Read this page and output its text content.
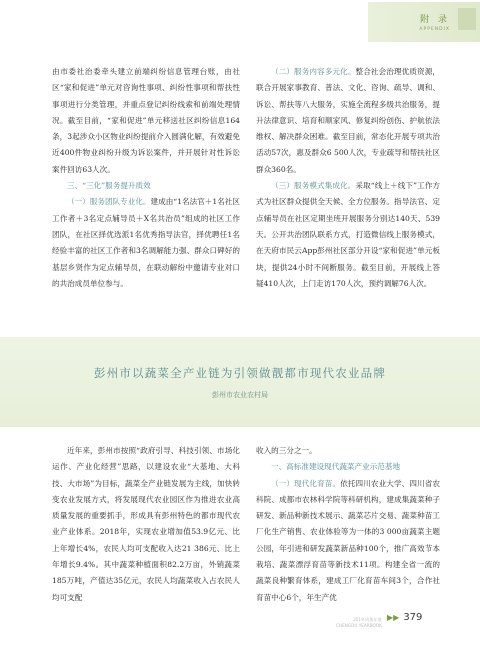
附 录
APPENDIX

由市委社治委牵头建立前端纠纷信息管理台账，由社区“家和促进”单元对咨询性事项、纠纷性事项和帮扶性事项进行分类管理，并重点登记纠纷线索和前端处理情况。截至目前，“家和促进”单元移送社区纠纷信息164条，3起涉众小区物业纠纷提前介入圆满化解，有效避免近400件物业纠纷升级为诉讼案件，并开展针对性诉讼案件回访63人次。

三、“三化”服务提升质效

（一）服务团队专业化。建成由“1名法官＋1名社区工作者＋3名定点辅导员＋X名共治员”组成的社区工作团队，在社区择优选派1名优秀指导法官，择优聘任1名经验丰富的社区工作者和3名调解能力强、群众口碑好的基层乡贤作为定点辅导员，在联动解纷中邀请专业对口的共治成员单位参与。

（二）服务内容多元化。整合社会治理优质资源，联合开展家事教育、普法、文化、咨询、疏导、调和、诉讼、帮扶等八大服务，实施全流程多级共治服务，提升法律意识、培育和顺家风、修复纠纷创伤、护航依法维权、解决群众困难。截至目前，常态化开展专项共治活动57次，惠及群众6 500人次，专业疏导和帮扶社区群众360名。

（三）服务模式集成化。采取“线上＋线下”工作方式为社区群众提供全天候、全方位服务。指导法官、定点辅导员在社区定期坐班开展服务分别达140天、539天。公开共治团队联系方式，打造微信线上服务模式，在天府市民云App彭州社区部分开设“家和促进”单元板块，提供24小时不间断服务。截至目前，开展线上答疑410人次，上门走访170人次，预约调解76人次。

彭州市以蔬菜全产业链为引领做靓都市现代农业品牌
彭州市农业农村局

近年来，彭州市按照“政府引导、科技引领、市场化运作、产业化经营”思路，以建设农业“大基地、大科技、大市场”为目标，蔬菜全产业链发展为主线，加快转变农业发展方式，将发展现代农业园区作为推进农业高质量发展的重要抓手，形成具有彭州特色的都市现代农业产业体系。2018年，实现农业增加值53.9亿元、比上年增长4%，农民人均可支配收入达21 386元、比上年增长9.4%。其中蔬菜种植面积82.2万亩，外销蔬菜185万吨，产值达35亿元，农民人均蔬菜收入占农民人均可支配

收入的三分之一。

一、高标准建设现代蔬菜产业示范基地

（一）现代化育苗。依托四川农业大学、四川省农科院、成都市农林科学院等科研机构，建成集蔬菜种子研发、新品种新技术展示、蔬菜芯片交易、蔬菜种苗工厂化生产销售、农业体验等为一体的3 000亩蔬菜主题公园，年引进和研发蔬菜新品种100个，推广高效节本栽培、蔬菜漂浮育苗等新技术11项。构建全省一流的蔬菜良种繁育体系，建成工厂化育苗车间3个，合作社育苗中心6个，年生产优

2019 成都年鉴
CHENGDU YEARBOOK
▶▶ 379
